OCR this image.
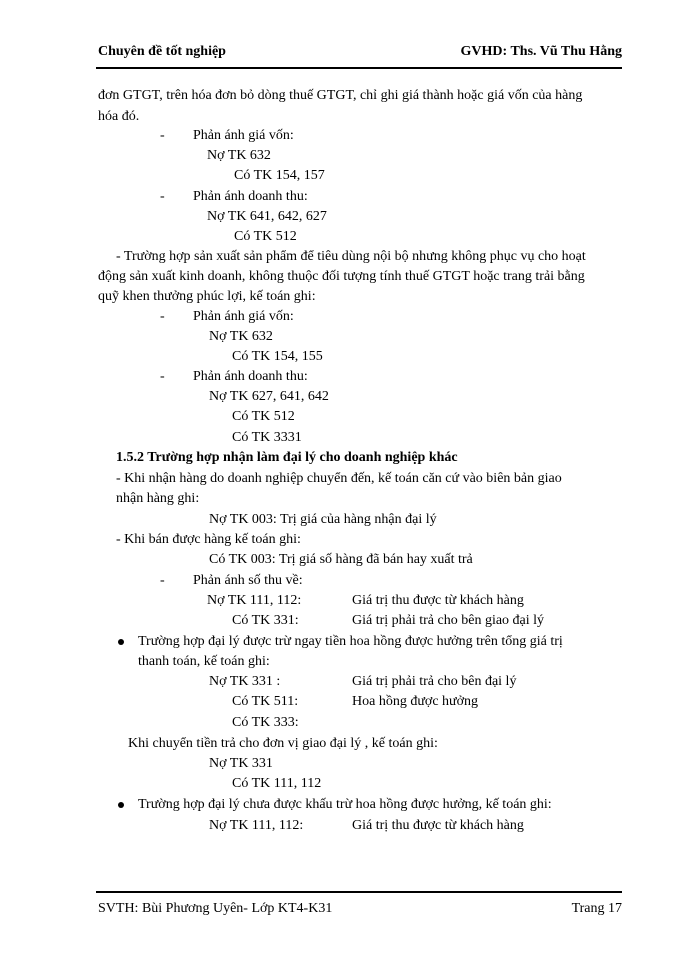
Chuyên đề tốt nghiệp	GVHD: Ths. Vũ Thu Hằng
đơn GTGT, trên hóa đơn bỏ dòng thuế GTGT, chỉ ghi giá thành hoặc giá vốn của hàng
hóa đó.
- Phản ánh giá vốn:
Nợ TK 632
Có TK 154, 157
- Phản ánh doanh thu:
Nợ TK 641, 642, 627
Có TK 512
- Trường hợp sản xuất sản phẩm để tiêu dùng nội bộ nhưng không phục vụ cho hoạt
động sản xuất kinh doanh, không thuộc đối tượng tính thuế GTGT hoặc trang trải bằng
quỹ khen thưởng phúc lợi, kế toán ghi:
- Phản ánh giá vốn:
Nợ TK 632
Có TK 154, 155
- Phản ánh doanh thu:
Nợ TK 627, 641, 642
Có TK 512
Có TK 3331
1.5.2 Trường hợp nhận làm đại lý cho doanh nghiệp khác
- Khi nhận hàng do doanh nghiệp chuyển đến, kế toán căn cứ vào biên bản giao
nhận hàng ghi:
Nợ TK 003: Trị giá của hàng nhận đại lý
- Khi bán được hàng kế toán ghi:
Có TK 003: Trị giá số hàng đã bán hay xuất trả
- Phản ánh số thu về:
Nợ TK 111, 112:	Giá trị thu được từ khách hàng
Có TK 331:	Giá trị phải trả cho bên giao đại lý
Trường hợp đại lý được trừ ngay tiền hoa hồng được hưởng trên tổng giá trị
thanh toán, kế toán ghi:
Nợ TK 331 :	Giá trị phải trả cho bên đại lý
Có TK 511:	Hoa hồng được hưởng
Có TK 333:
Khi chuyển tiền trả cho đơn vị giao đại lý , kế toán ghi:
Nợ TK 331
Có TK 111, 112
Trường hợp đại lý chưa được khấu trừ hoa hồng được hưởng, kế toán ghi:
Nợ TK 111, 112:	Giá trị thu được từ khách hàng
SVTH: Bùi Phương Uyên- Lớp KT4-K31	Trang 17
